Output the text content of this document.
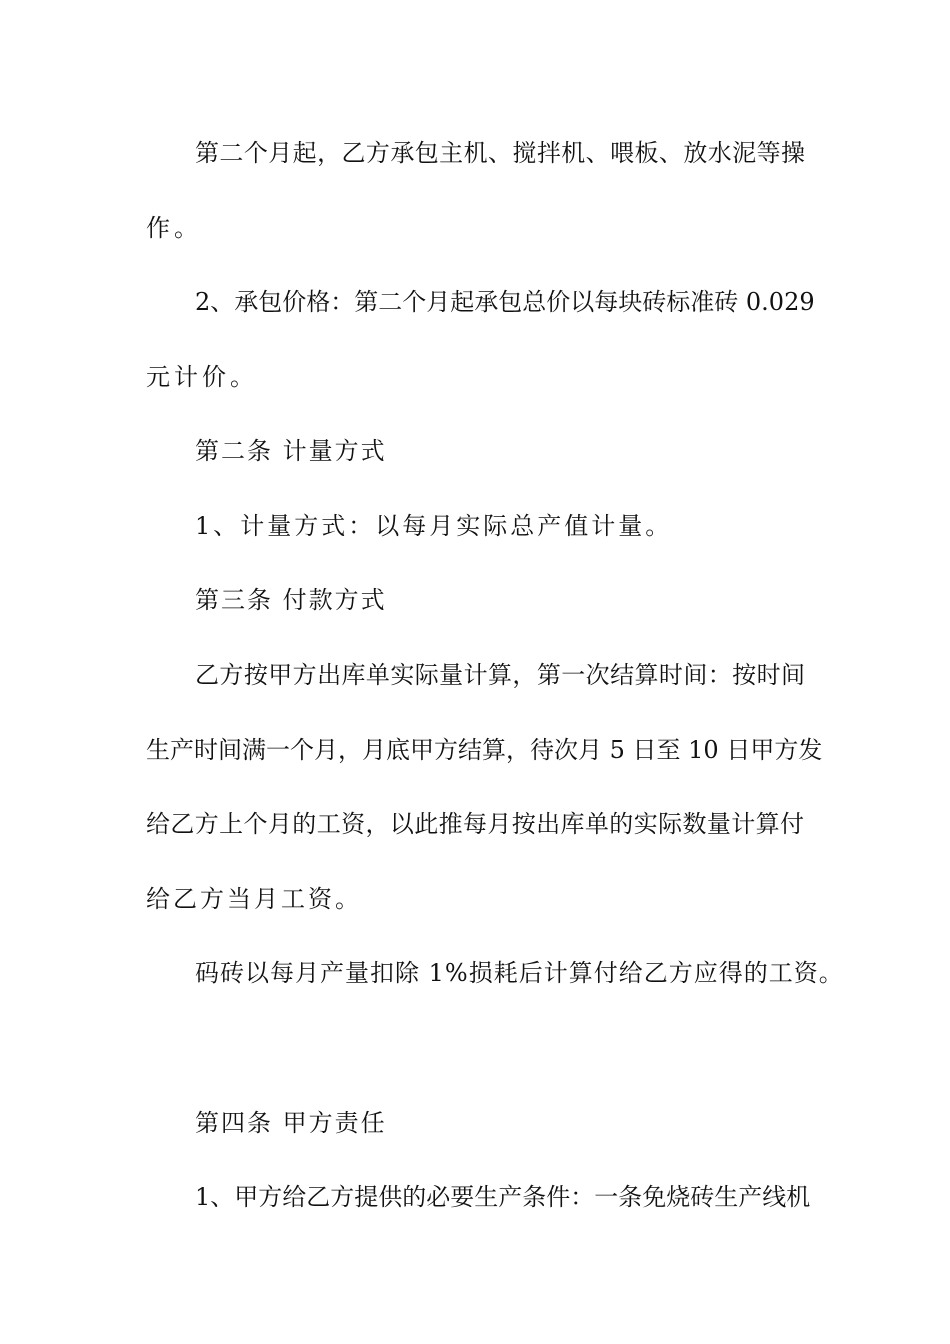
第二个月起，乙方承包主机、搅拌机、喂板、放水泥等操

作。

2、承包价格：第二个月起承包总价以每块砖标准砖 0.029

元计价。

第二条 计量方式

1、计量方式：以每月实际总产值计量。

第三条 付款方式

乙方按甲方出库单实际量计算，第一次结算时间：按时间

生产时间满一个月，月底甲方结算，待次月 5 日至 10 日甲方发

给乙方上个月的工资，以此推每月按出库单的实际数量计算付

给乙方当月工资。

码砖以每月产量扣除 1%损耗后计算付给乙方应得的工资。

第四条 甲方责任

1、甲方给乙方提供的必要生产条件：一条免烧砖生产线机
